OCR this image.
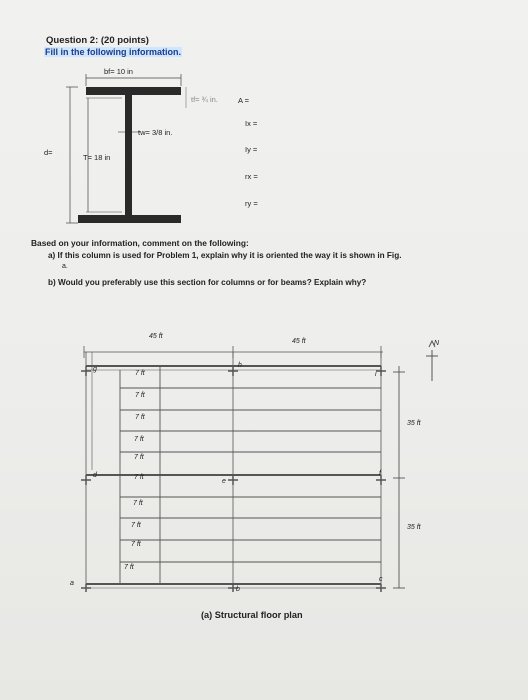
Question 2: (20 points)
Fill in the following information.
bf= 10 in
tw= 3/8 in.
tf= ¾ in.
d=
T= 18 in
A =
Ix =
Iy =
rx =
ry =
Based on your information, comment on the following:
a) If this column is used for Problem 1, explain why it is oriented the way it is shown in Fig.
a.
b) Would you preferably use this section for columns or for beams? Explain why?
45 ft
45 ft
7 ft
7 ft
7 ft
7 ft
7 ft
7 ft
7 ft
7 ft
7 ft
7 ft
35 ft
35 ft
N
g
d
a
h
e
b
i
f
c
(a) Structural floor plan
